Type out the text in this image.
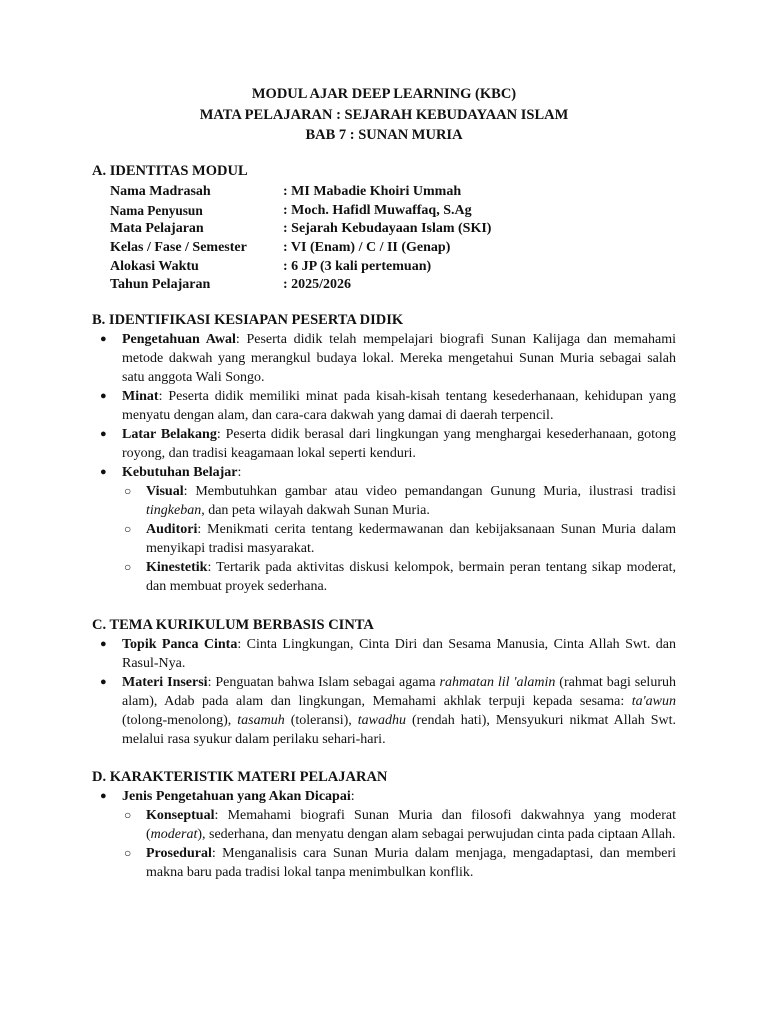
MODUL AJAR DEEP LEARNING (KBC)
MATA PELAJARAN : SEJARAH KEBUDAYAAN ISLAM
BAB 7 : SUNAN MURIA
A. IDENTITAS MODUL
Nama Madrasah	: MI Mabadie Khoiri Ummah
Nama Penyusun	: Moch. Hafidl Muwaffaq, S.Ag
Mata Pelajaran	: Sejarah Kebudayaan Islam (SKI)
Kelas / Fase / Semester	: VI (Enam) / C / II (Genap)
Alokasi Waktu	: 6 JP (3 kali pertemuan)
Tahun Pelajaran	: 2025/2026
B. IDENTIFIKASI KESIAPAN PESERTA DIDIK
● Pengetahuan Awal: Peserta didik telah mempelajari biografi Sunan Kalijaga dan memahami metode dakwah yang merangkul budaya lokal. Mereka mengetahui Sunan Muria sebagai salah satu anggota Wali Songo.
● Minat: Peserta didik memiliki minat pada kisah-kisah tentang kesederhanaan, kehidupan yang menyatu dengan alam, dan cara-cara dakwah yang damai di daerah terpencil.
● Latar Belakang: Peserta didik berasal dari lingkungan yang menghargai kesederhanaan, gotong royong, dan tradisi keagamaan lokal seperti kenduri.
● Kebutuhan Belajar:
○ Visual: Membutuhkan gambar atau video pemandangan Gunung Muria, ilustrasi tradisi tingkeban, dan peta wilayah dakwah Sunan Muria.
○ Auditori: Menikmati cerita tentang kedermawanan dan kebijaksanaan Sunan Muria dalam menyikapi tradisi masyarakat.
○ Kinestetik: Tertarik pada aktivitas diskusi kelompok, bermain peran tentang sikap moderat, dan membuat proyek sederhana.
C. TEMA KURIKULUM BERBASIS CINTA
● Topik Panca Cinta: Cinta Lingkungan, Cinta Diri dan Sesama Manusia, Cinta Allah Swt. dan Rasul-Nya.
● Materi Insersi: Penguatan bahwa Islam sebagai agama rahmatan lil 'alamin (rahmat bagi seluruh alam), Adab pada alam dan lingkungan, Memahami akhlak terpuji kepada sesama: ta'awun (tolong-menolong), tasamuh (toleransi), tawadhu (rendah hati), Mensyukuri nikmat Allah Swt. melalui rasa syukur dalam perilaku sehari-hari.
D. KARAKTERISTIK MATERI PELAJARAN
● Jenis Pengetahuan yang Akan Dicapai:
○ Konseptual: Memahami biografi Sunan Muria dan filosofi dakwahnya yang moderat (moderat), sederhana, dan menyatu dengan alam sebagai perwujudan cinta pada ciptaan Allah.
○ Prosedural: Menganalisis cara Sunan Muria dalam menjaga, mengadaptasi, dan memberi makna baru pada tradisi lokal tanpa menimbulkan konflik.
